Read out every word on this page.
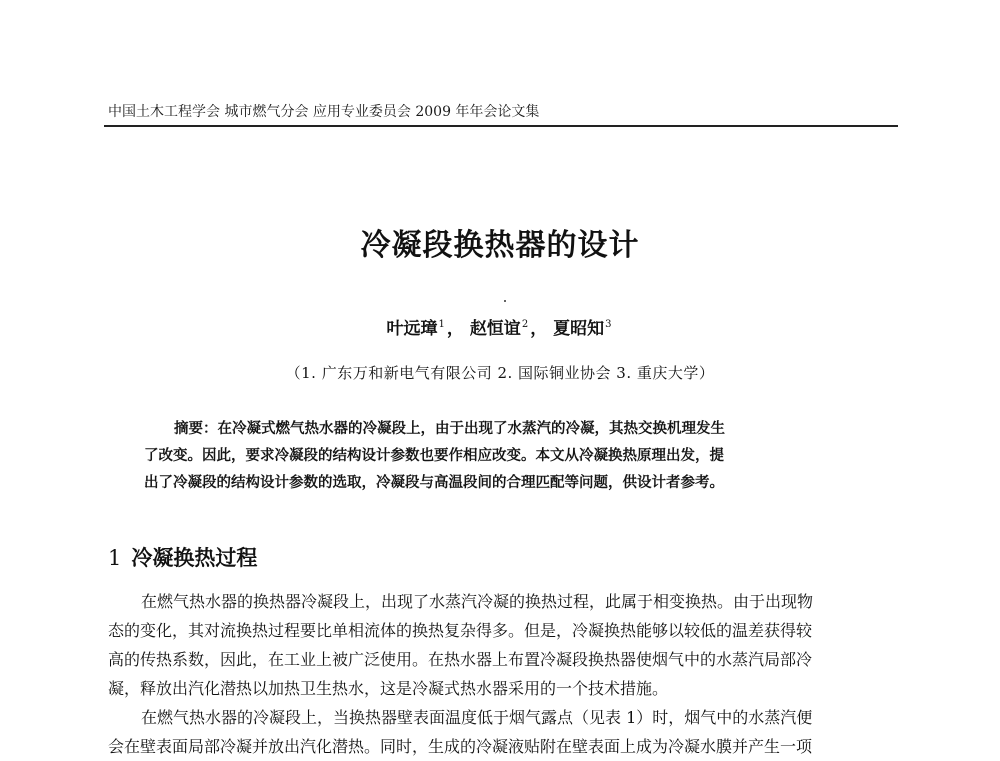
中国土木工程学会 城市燃气分会 应用专业委员会 2009 年年会论文集
冷凝段换热器的设计
叶远璋$^1$ ， 赵恒谊$^2$ ， 夏昭知$^3$
（1. 广东万和新电气有限公司 2. 国际铜业协会 3. 重庆大学）
摘要：在冷凝式燃气热水器的冷凝段上，由于出现了水蒸汽的冷凝，其热交换机理发生
了改变。因此，要求冷凝段的结构设计参数也要作相应改变。本文从冷凝换热原理出发，提
出了冷凝段的结构设计参数的选取，冷凝段与高温段间的合理匹配等问题，供设计者参考。
1 冷凝换热过程
在燃气热水器的换热器冷凝段上，出现了水蒸汽冷凝的换热过程，此属于相变换热。由于出现物
态的变化，其对流换热过程要比单相流体的换热复杂得多。但是，冷凝换热能够以较低的温差获得较
高的传热系数，因此，在工业上被广泛使用。在热水器上布置冷凝段换热器使烟气中的水蒸汽局部冷
凝，释放出汽化潜热以加热卫生热水，这是冷凝式热水器采用的一个技术措施。
在燃气热水器的冷凝段上，当换热器壁表面温度低于烟气露点（见表 1）时，烟气中的水蒸汽便
会在壁表面局部冷凝并放出汽化潜热。同时，生成的冷凝液贴附在壁表面上成为冷凝水膜并产生一项
